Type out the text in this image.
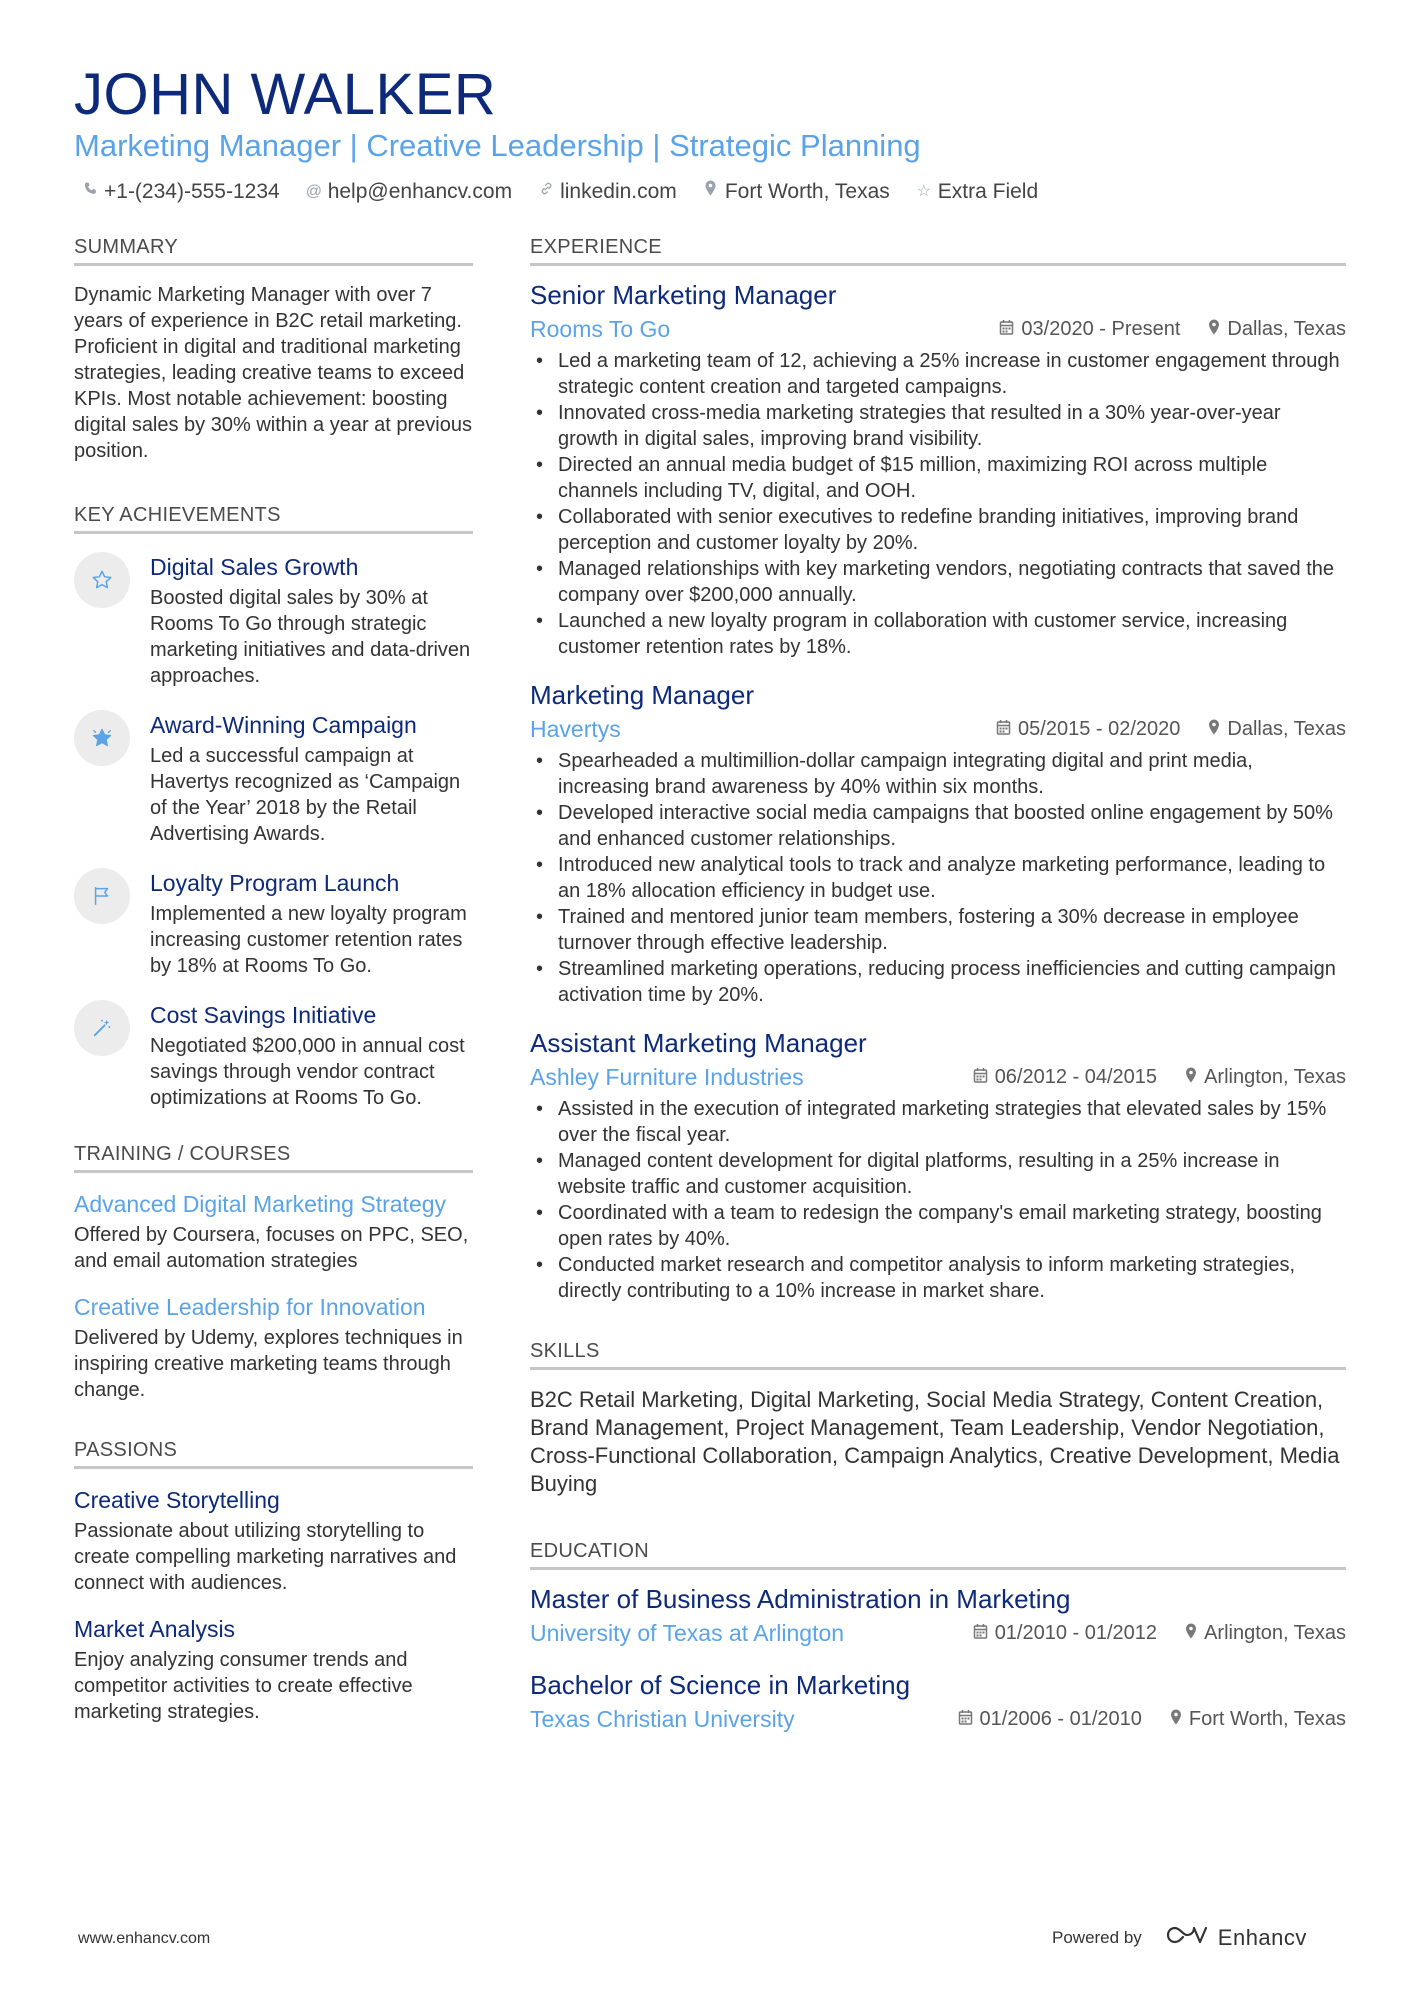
JOHN WALKER
Marketing Manager | Creative Leadership | Strategic Planning
+1-(234)-555-1234 @ help@enhancv.com linkedin.com Fort Worth, Texas ☆ Extra Field
SUMMARY
Dynamic Marketing Manager with over 7 years of experience in B2C retail marketing. Proficient in digital and traditional marketing strategies, leading creative teams to exceed KPIs. Most notable achievement: boosting digital sales by 30% within a year at previous position.
KEY ACHIEVEMENTS
Digital Sales Growth
Boosted digital sales by 30% at Rooms To Go through strategic marketing initiatives and data-driven approaches.
Award-Winning Campaign
Led a successful campaign at Havertys recognized as ‘Campaign of the Year’ 2018 by the Retail Advertising Awards.
Loyalty Program Launch
Implemented a new loyalty program increasing customer retention rates by 18% at Rooms To Go.
Cost Savings Initiative
Negotiated $200,000 in annual cost savings through vendor contract optimizations at Rooms To Go.
TRAINING / COURSES
Advanced Digital Marketing Strategy
Offered by Coursera, focuses on PPC, SEO, and email automation strategies
Creative Leadership for Innovation
Delivered by Udemy, explores techniques in inspiring creative marketing teams through change.
PASSIONS
Creative Storytelling
Passionate about utilizing storytelling to create compelling marketing narratives and connect with audiences.
Market Analysis
Enjoy analyzing consumer trends and competitor activities to create effective marketing strategies.
EXPERIENCE
Senior Marketing Manager
Rooms To Go	03/2020 - Present Dallas, Texas
• Led a marketing team of 12, achieving a 25% increase in customer engagement through strategic content creation and targeted campaigns.
• Innovated cross-media marketing strategies that resulted in a 30% year-over-year growth in digital sales, improving brand visibility.
• Directed an annual media budget of $15 million, maximizing ROI across multiple channels including TV, digital, and OOH.
• Collaborated with senior executives to redefine branding initiatives, improving brand perception and customer loyalty by 20%.
• Managed relationships with key marketing vendors, negotiating contracts that saved the company over $200,000 annually.
• Launched a new loyalty program in collaboration with customer service, increasing customer retention rates by 18%.
Marketing Manager
Havertys	05/2015 - 02/2020 Dallas, Texas
• Spearheaded a multimillion-dollar campaign integrating digital and print media, increasing brand awareness by 40% within six months.
• Developed interactive social media campaigns that boosted online engagement by 50% and enhanced customer relationships.
• Introduced new analytical tools to track and analyze marketing performance, leading to an 18% allocation efficiency in budget use.
• Trained and mentored junior team members, fostering a 30% decrease in employee turnover through effective leadership.
• Streamlined marketing operations, reducing process inefficiencies and cutting campaign activation time by 20%.
Assistant Marketing Manager
Ashley Furniture Industries	06/2012 - 04/2015 Arlington, Texas
• Assisted in the execution of integrated marketing strategies that elevated sales by 15% over the fiscal year.
• Managed content development for digital platforms, resulting in a 25% increase in website traffic and customer acquisition.
• Coordinated with a team to redesign the company's email marketing strategy, boosting open rates by 40%.
• Conducted market research and competitor analysis to inform marketing strategies, directly contributing to a 10% increase in market share.
SKILLS
B2C Retail Marketing, Digital Marketing, Social Media Strategy, Content Creation, Brand Management, Project Management, Team Leadership, Vendor Negotiation, Cross-Functional Collaboration, Campaign Analytics, Creative Development, Media Buying
EDUCATION
Master of Business Administration in Marketing
University of Texas at Arlington	01/2010 - 01/2012 Arlington, Texas
Bachelor of Science in Marketing
Texas Christian University	01/2006 - 01/2010 Fort Worth, Texas
www.enhancv.com	Powered by	Enhancv
